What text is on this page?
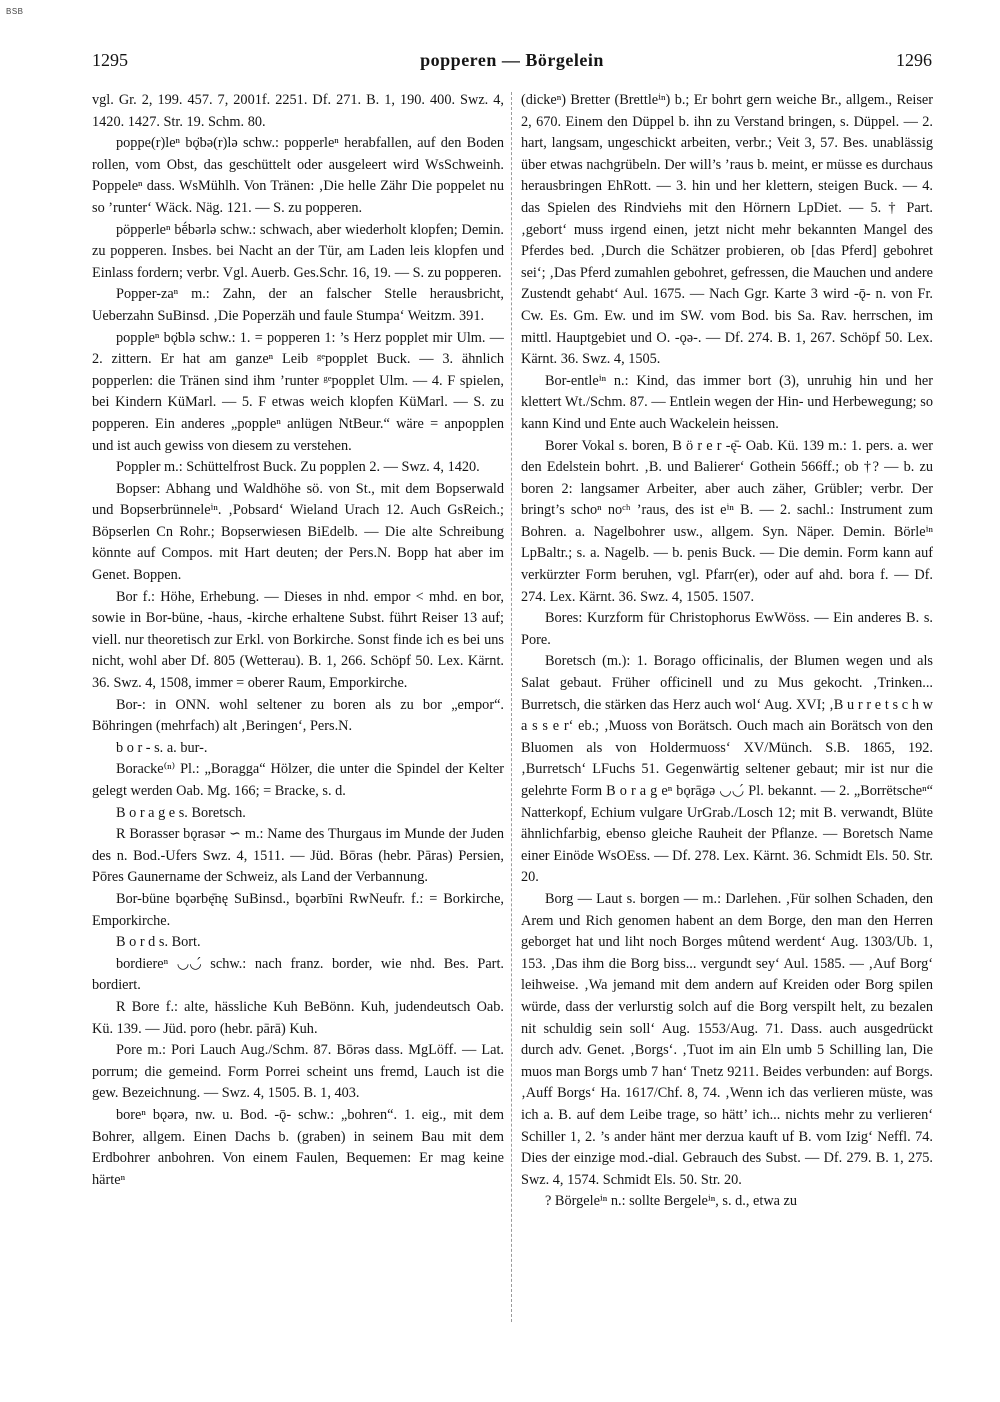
BSB
1295	popperen — Börgelein	1296

vgl. Gr. 2, 199. 457. 7, 2001f. 2251. Df. 271. B. 1, 190. 400. Swz. 4, 1420. 1427. Str. 19. Schm. 80.

poppe(r)leⁿ bǫ̈bə(r)lə schw.: popperleⁿ herabfallen, auf den Boden rollen, vom Obst, das geschüttelt oder ausgeleert wird WsSchweinh. Poppeleⁿ dass. WsMühlh. Von Tränen: ‚Die helle Zähr Die poppelet nu so ’runter‘ Wäck. Näg. 121. — S. zu popperen.

pöpperleⁿ bḗbərlə schw.: schwach, aber wiederholt klopfen; Demin. zu popperen. Insbes. bei Nacht an der Tür, am Laden leis klopfen und Einlass fordern; verbr. Vgl. Auerb. Ges.Schr. 16, 19. — S. zu popperen.

Popper-zaⁿ m.: Zahn, der an falscher Stelle herausbricht, Ueberzahn SuBinsd. ‚Die Poperzäh und faule Stumpa‘ Weitzm. 391.

poppleⁿ bǫ̈blə schw.: 1. = popperen 1: ’s Herz popplet mir Ulm. — 2. zittern. Er hat am ganzeⁿ Leib ᵍᵉpopplet Buck. — 3. ähnlich popperlen: die Tränen sind ihm ’runter ᵍᵉpopplet Ulm. — 4. F spielen, bei Kindern KüMarl. — 5. F etwas weich klopfen KüMarl. — S. zu popperen. Ein anderes „poppleⁿ anlügen NtBeur.“ wäre = anpopplen und ist auch gewiss von diesem zu verstehen.

Poppler m.: Schüttelfrost Buck. Zu popplen 2. — Swz. 4, 1420.

Bopser: Abhang und Waldhöhe sö. von St., mit dem Bopserwald und Bopserbrünneleⁱⁿ. ‚Pobsard‘ Wieland Urach 12. Auch GsReich.; Böpserlen Cn Rohr.; Bopserwiesen BiEdelb. — Die alte Schreibung könnte auf Compos. mit Hart deuten; der Pers.N. Bopp hat aber im Genet. Boppen.

Bor f.: Höhe, Erhebung. — Dieses in nhd. empor < mhd. en bor, sowie in Bor-büne, -haus, -kirche erhaltene Subst. führt Reiser 13 auf; viell. nur theoretisch zur Erkl. von Borkirche. Sonst finde ich es bei uns nicht, wohl aber Df. 805 (Wetterau). B. 1, 266. Schöpf 50. Lex. Kärnt. 36. Swz. 4, 1508, immer = oberer Raum, Emporkirche.

Bor-: in ONN. wohl seltener zu boren als zu bor „empor“. Böhringen (mehrfach) alt ‚Beringen‘, Pers.N.

b o r - s. a. bur-.

Boracke⁽ⁿ⁾ Pl.: „Boragga“ Hölzer, die unter die Spindel der Kelter gelegt werden Oab. Mg. 166; = Bracke, s. d.

B o r a g e s. Boretsch.

R Borasser bǫrasər ∽ m.: Name des Thurgaus im Munde der Juden des n. Bod.-Ufers Swz. 4, 1511. — Jüd. Bōras (hebr. Pāras) Persien, Pōres Gaunername der Schweiz, als Land der Verbannung.

Bor-büne bǫərbę̄nę SuBinsd., bǫərbīni RwNeufr. f.: = Borkirche, Emporkirche.

B o r d s. Bort.

bordiereⁿ ◡◡́ schw.: nach franz. border, wie nhd. Bes. Part. bordiert.

R Bore f.: alte, hässliche Kuh BeBönn. Kuh, judendeutsch Oab. Kü. 139. — Jüd. poro (hebr. pārā) Kuh.

Pore m.: Pori Lauch Aug./Schm. 87. Bōrəs dass. MgLöff. — Lat. porrum; die gemeind. Form Porrei scheint uns fremd, Lauch ist die gew. Bezeichnung. — Swz. 4, 1505. B. 1, 403.

boreⁿ bǫərə, nw. u. Bod. -ǭ- schw.: „bohren“. 1. eig., mit dem Bohrer, allgem. Einen Dachs b. (graben) in seinem Bau mit dem Erdbohrer anbohren. Von einem Faulen, Bequemen: Er mag keine härteⁿ

(dickeⁿ) Bretter (Brettleⁱⁿ) b.; Er bohrt gern weiche Br., allgem., Reiser 2, 670. Einem den Düppel b. ihn zu Verstand bringen, s. Düppel. — 2. hart, langsam, ungeschickt arbeiten, verbr.; Veit 3, 57. Bes. unablässig über etwas nachgrübeln. Der will’s ’raus b. meint, er müsse es durchaus herausbringen EhRott. — 3. hin und her klettern, steigen Buck. — 4. das Spielen des Rindviehs mit den Hörnern LpDiet. — 5. † Part. ‚gebort‘ muss irgend einen, jetzt nicht mehr bekannten Mangel des Pferdes bed. ‚Durch die Schätzer probieren, ob [das Pferd] gebohret sei‘; ‚Das Pferd zumahlen gebohret, gefressen, die Mauchen und andere Zustendt gehabt‘ Aul. 1675. — Nach Ggr. Karte 3 wird -ǭ- n. von Fr. Cw. Es. Gm. Ew. und im SW. vom Bod. bis Sa. Rav. herrschen, im mittl. Hauptgebiet und O. -ǫə-. — Df. 274. B. 1, 267. Schöpf 50. Lex. Kärnt. 36. Swz. 4, 1505.

Bor-entleⁱⁿ n.: Kind, das immer bort (3), unruhig hin und her klettert Wt./Schm. 87. — Entlein wegen der Hin- und Herbewegung; so kann Kind und Ente auch Wackelein heissen.

Borer Vokal s. boren, B ö r e r -ę̄- Oab. Kü. 139 m.: 1. pers. a. wer den Edelstein bohrt. ‚B. und Balierer‘ Gothein 566ff.; ob †? — b. zu boren 2: langsamer Arbeiter, aber auch zäher, Grübler; verbr. Der bringt’s schoⁿ noᶜʰ ’raus, des ist eⁱⁿ B. — 2. sachl.: Instrument zum Bohren. a. Nagelbohrer usw., allgem. Syn. Näper. Demin. Börleⁱⁿ LpBaltr.; s. a. Nagelb. — b. penis Buck. — Die demin. Form kann auf verkürzter Form beruhen, vgl. Pfarr(er), oder auf ahd. bora f. — Df. 274. Lex. Kärnt. 36. Swz. 4, 1505. 1507.

Bores: Kurzform für Christophorus EwWöss. — Ein anderes B. s. Pore.

Boretsch (m.): 1. Borago officinalis, der Blumen wegen und als Salat gebaut. Früher officinell und zu Mus gekocht. ‚Trinken... Burretsch, die stärken das Herz auch wol‘ Aug. XVI; ‚B u r r e t s c h w a s s e r‘ eb.; ‚Muoss von Borätsch. Ouch mach ain Borätsch von den Bluomen als von Holdermuoss‘ XV/Münch. S.B. 1865, 192. ‚Burretsch‘ LFuchs 51. Gegenwärtig seltener gebaut; mir ist nur die gelehrte Form B o r a g eⁿ bǫrāgə ◡◡́ Pl. bekannt. — 2. „Borrëtscheⁿ“ Natterkopf, Echium vulgare UrGrab./Losch 12; mit B. verwandt, Blüte ähnlichfarbig, ebenso gleiche Rauheit der Pflanze. — Boretsch Name einer Einöde WsOEss. — Df. 278. Lex. Kärnt. 36. Schmidt Els. 50. Str. 20.

Borg — Laut s. borgen — m.: Darlehen. ‚Für solhen Schaden, den Arem und Rich genomen habent an dem Borge, den man den Herren geborget hat und liht noch Borges mûtend werdent‘ Aug. 1303/Ub. 1, 153. ‚Das ihm die Borg biss... vergundt sey‘ Aul. 1585. — ‚Auf Borg‘ leihweise. ‚Wa jemand mit dem andern auf Kreiden oder Borg spilen würde, dass der verlurstig solch auf die Borg verspilt helt, zu bezalen nit schuldig sein soll‘ Aug. 1553/Aug. 71. Dass. auch ausgedrückt durch adv. Genet. ‚Borgs‘. ‚Tuot im ain Eln umb 5 Schilling lan, Die muos man Borgs umb 7 han‘ Tnetz 9211. Beides verbunden: auf Borgs. ‚Auff Borgs‘ Ha. 1617/Chf. 8, 74. ‚Wenn ich das verlieren müste, was ich a. B. auf dem Leibe trage, so hätt’ ich... nichts mehr zu verlieren‘ Schiller 1, 2. ’s ander hänt mer derzua kauft uf B. vom Izig‘ Neffl. 74. Dies der einzige mod.-dial. Gebrauch des Subst. — Df. 279. B. 1, 275. Swz. 4, 1574. Schmidt Els. 50. Str. 20.

? Börgeleⁱⁿ n.: sollte Bergeleⁱⁿ, s. d., etwa zu
